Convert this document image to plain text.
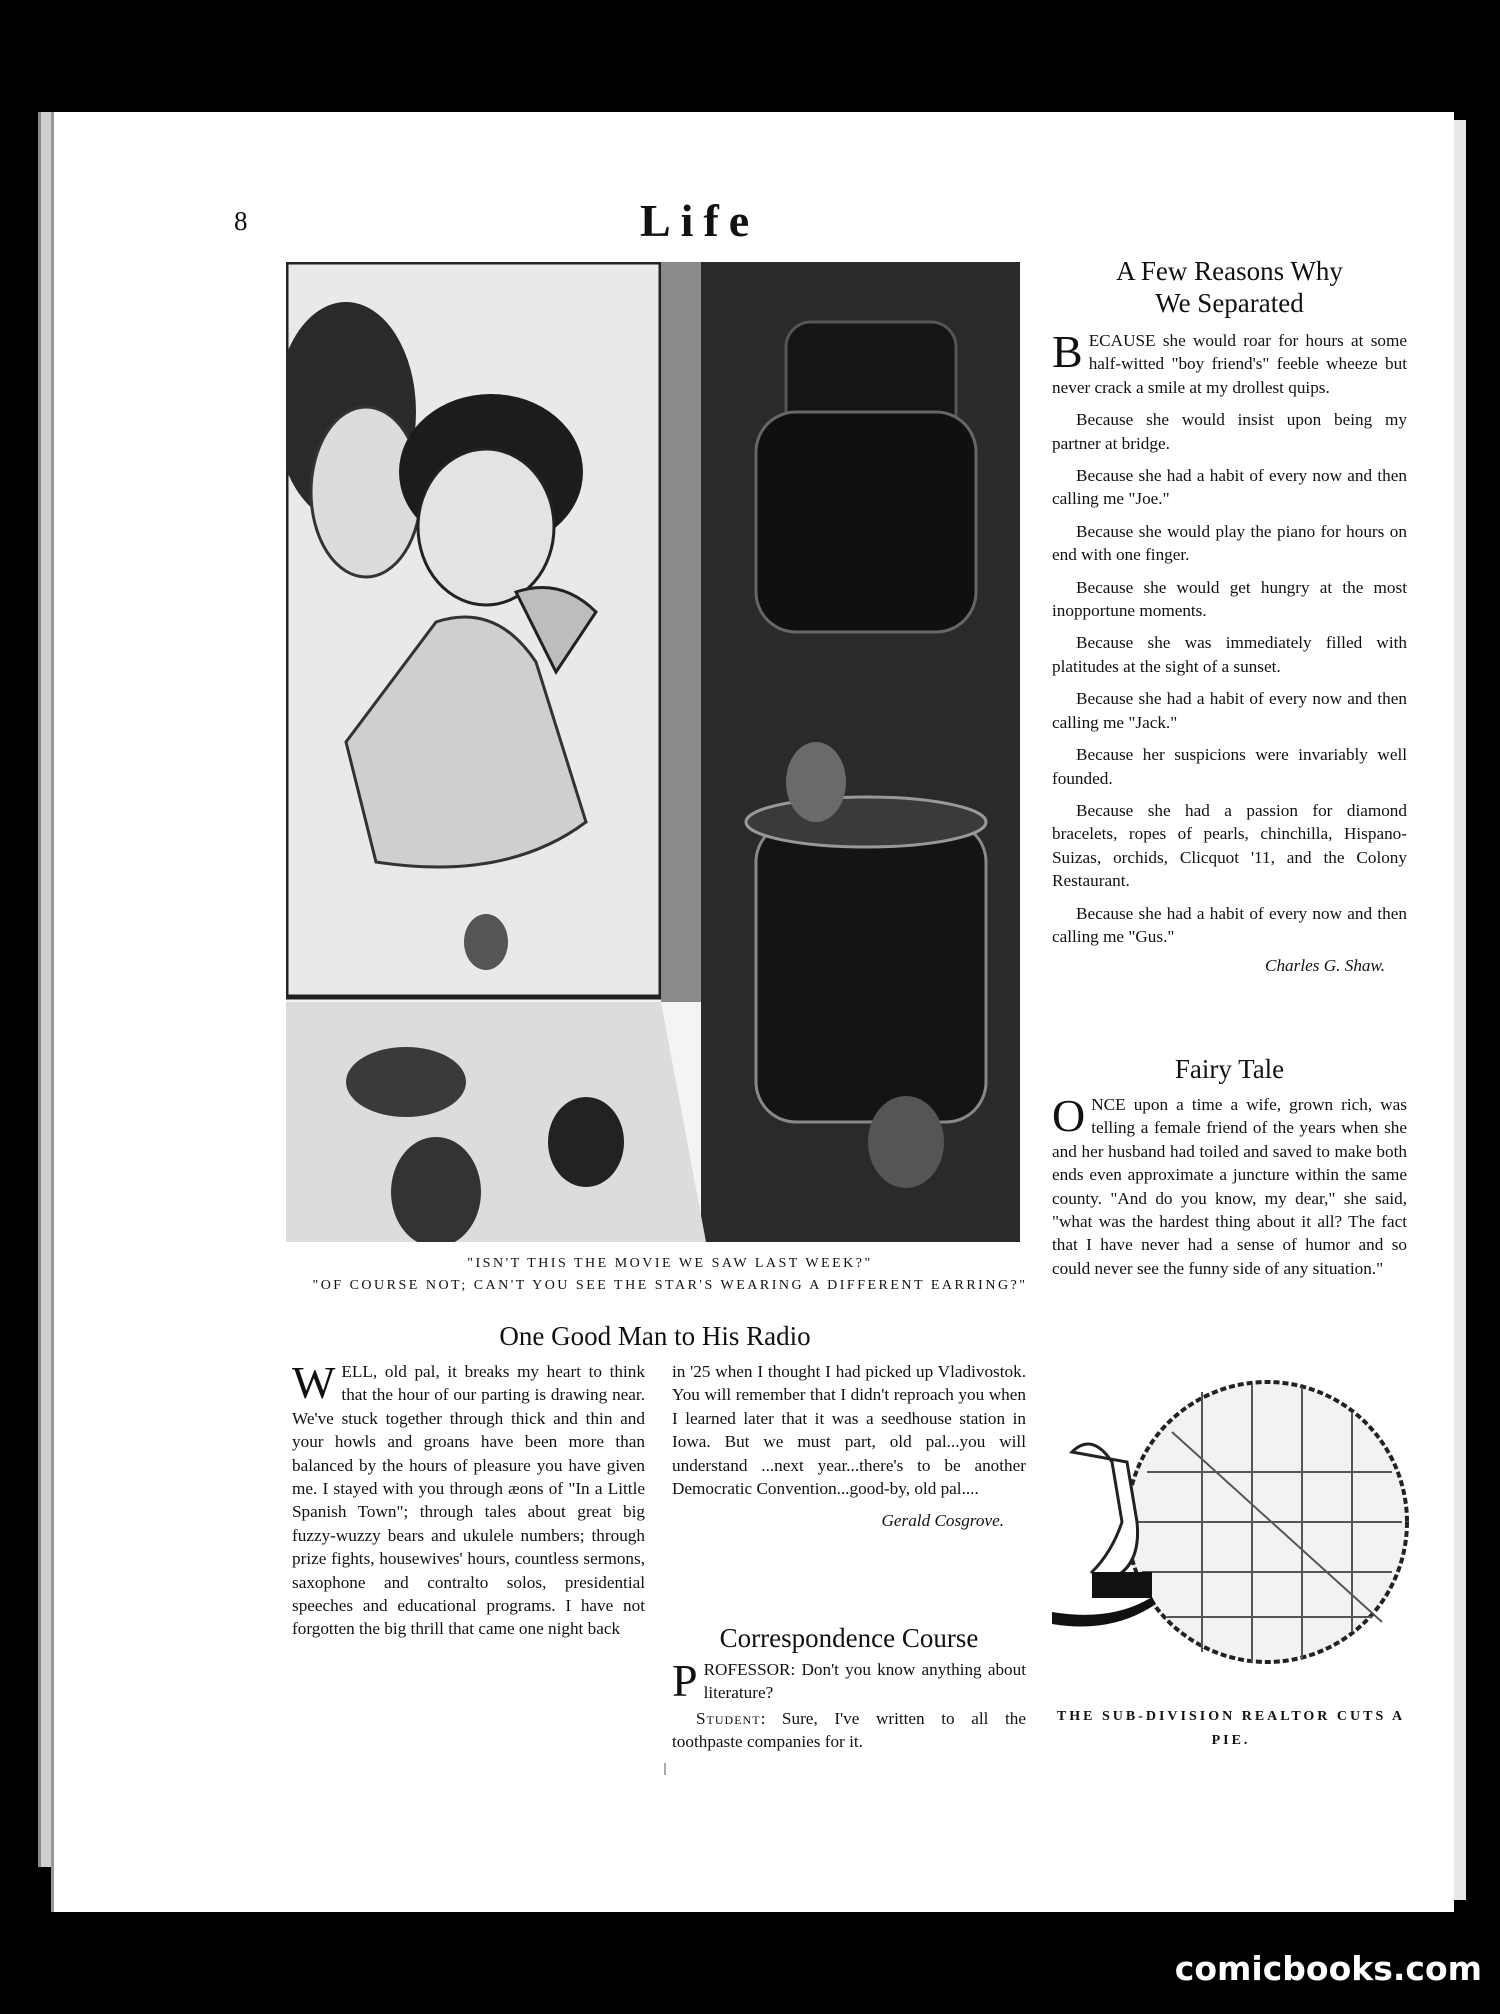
8	Life
"ISN'T THIS THE MOVIE WE SAW LAST WEEK?"
"OF COURSE NOT; CAN'T YOU SEE THE STAR'S WEARING A DIFFERENT EARRING?"
A Few Reasons Why
We Separated

BECAUSE she would roar for hours at some half-witted "boy friend's" feeble wheeze but never crack a smile at my drollest quips.

Because she would insist upon being my partner at bridge.

Because she had a habit of every now and then calling me "Joe."

Because she would play the piano for hours on end with one finger.

Because she would get hungry at the most inopportune moments.

Because she was immediately filled with platitudes at the sight of a sunset.

Because she had a habit of every now and then calling me "Jack."

Because her suspicions were invariably well founded.

Because she had a passion for diamond bracelets, ropes of pearls, chinchilla, Hispano-Suizas, orchids, Clicquot '11, and the Colony Restaurant.

Because she had a habit of every now and then calling me "Gus."

Charles G. Shaw.
Fairy Tale

ONCE upon a time a wife, grown rich, was telling a female friend of the years when she and her husband had toiled and saved to make both ends even approximate a juncture within the same county. "And do you know, my dear," she said, "what was the hardest thing about it all? The fact that I have never had a sense of humor and so could never see the funny side of any situation."

THE SUB-DIVISION REALTOR CUTS A PIE.
One Good Man to His Radio

WELL, old pal, it breaks my heart to think that the hour of our parting is drawing near. We've stuck together through thick and thin and your howls and groans have been more than balanced by the hours of pleasure you have given me. I stayed with you through æons of "In a Little Spanish Town"; through tales about great big fuzzy-wuzzy bears and ukulele numbers; through prize fights, housewives' hours, countless sermons, saxophone and contralto solos, presidential speeches and educational programs. I have not forgotten the big thrill that came one night back

in '25 when I thought I had picked up Vladivostok. You will remember that I didn't reproach you when I learned later that it was a seedhouse station in Iowa. But we must part, old pal...you will understand ...next year...there's to be another Democratic Convention...good-by, old pal....

Gerald Cosgrove.
Correspondence Course

PROFESSOR: Don't you know anything about literature?

Student: Sure, I've written to all the toothpaste companies for it.

comicbooks.com
